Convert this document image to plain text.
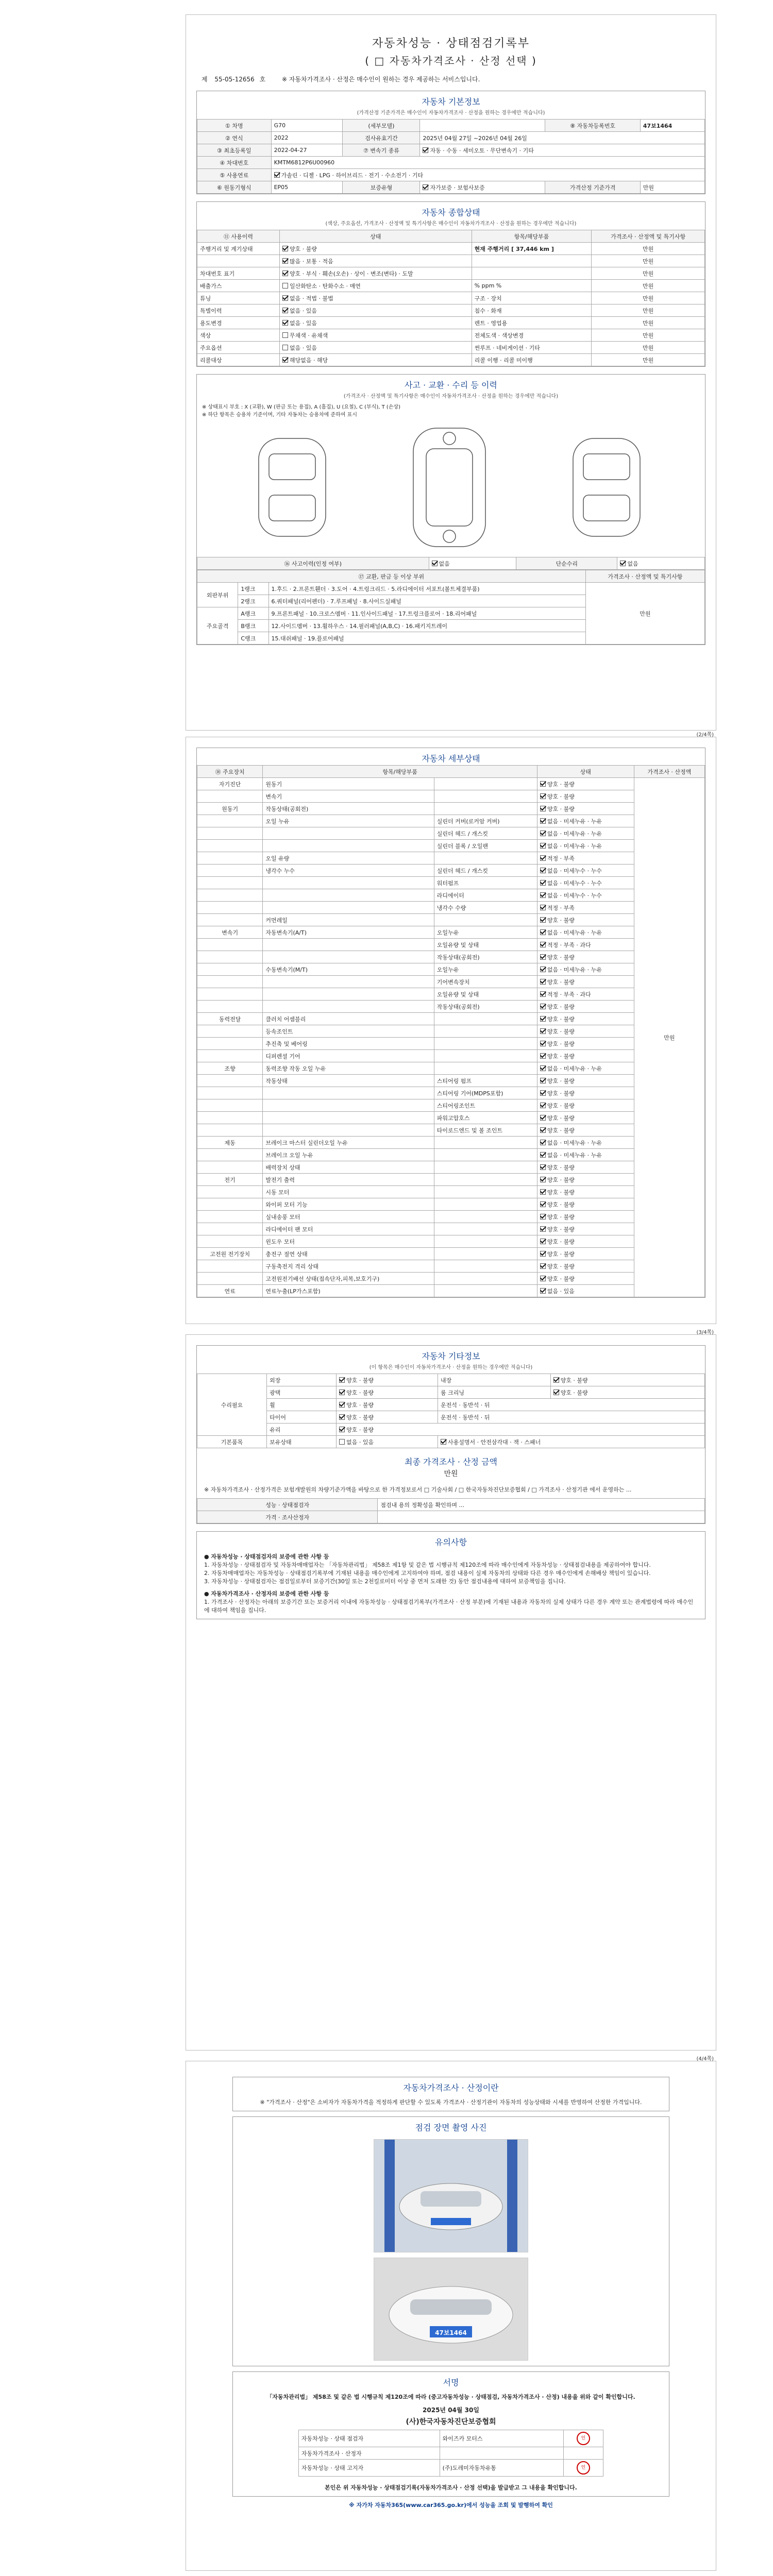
자동차성능 · 상태점검기록부
( □ 자동차가격조사 · 산정 선택 )
제 55-05-12656 호	※ 자동차가격조사 · 산정은 매수인이 원하는 경우 제공하는 서비스입니다.
자동차 기본정보
(가격산정 기준가격은 매수인이 자동차가격조사 · 산정을 원하는 경우에만 적습니다)
① 차명	G70	(세부모델)		⑧ 자동차등록번호	47보1464
② 연식	2022	검사유효기간	2025년 04월 27일 ~2026년 04월 26일		
③ 최초등록일	2022-04-27	⑦ 변속기 종류	자동 · 수동 · 세미오토 · 무단변속기 · 기타		
④ 차대번호	KMTM6812P6U00960				
⑤ 사용연료	가솔린 · 디젤 · LPG · 하이브리드 · 전기 · 수소전기 · 기타				
⑥ 원동기형식	EP05	보증유형	자가보증 · 보험사보증	가격산정 기준가격	만원
자동차 종합상태
(색상, 주요옵션, 가격조사 · 산정액 및 특기사항은 매수인이 자동차가격조사 · 산정을 원하는 경우에만 적습니다)
⑪ 사용이력	상태	항목/해당부품	가격조사 · 산정액 및 특기사항
주행거리 및 계기상태	양호 · 불량	현재 주행거리 [ 37,446 km ]	만원
	많음 · 보통 · 적음		만원
차대번호 표기	양호 · 부식 · 훼손(오손) · 상이 · 변조(변타) · 도말		만원
배출가스	일산화탄소 · 탄화수소 · 매연	% ppm %	만원
튜닝	없음 · 적법 · 불법	구조 · 장치	만원
특별이력	없음 · 있음	침수 · 화재	만원
용도변경	없음 · 있음	렌트 · 영업용	만원
색상	무채색 · 유채색	전체도색 · 색상변경	만원
주요옵션	없음 · 있음	썬루프 · 네비게이션 · 기타	만원
리콜대상	해당없음 · 해당	리콜 이행 · 리콜 미이행	만원
사고 · 교환 · 수리 등 이력
(가격조사 · 산정액 및 특기사항은 매수인이 자동차가격조사 · 산정을 원하는 경우에만 적습니다)
※ 상태표시 부호 : X (교환), W (판금 또는 용접), A (흠집), U (요철), C (부식), T (손상)
※ 하단 항목은 승용차 기준이며, 기타 자동차는 승용차에 준하여 표시
⑯ 사고이력(인정 여부)	없음	단순수리	없음
⑰ 교환, 판금 등 이상 부위			가격조사 · 산정액 및 특기사항
외판부위	1랭크	1.후드 · 2.프론트휀더 · 3.도어 · 4.트렁크리드 · 5.라디에이터 서포트(볼트체결부품)	만원
	2랭크	6.쿼터패널(리어펜더) · 7.루프패널 · 8.사이드실패널	
주요골격	A랭크	9.프론트패널 · 10.크로스멤버 · 11.인사이드패널 · 17.트렁크플로어 · 18.리어패널	
	B랭크	12.사이드멤버 · 13.휠하우스 · 14.필러패널(A,B,C) · 16.패키지트레이	
	C랭크	15.대쉬패널 · 19.플로어패널	
(2/4쪽)
자동차 세부상태
⑱ 주요장치	항목/해당부품		상태	가격조사 · 산정액
자기진단	원동기		양호 · 불량	만원
	변속기		양호 · 불량	
원동기	작동상태(공회전)		양호 · 불량	
	오일 누유	실린더 커버(로커암 커버)	없음 · 미세누유 · 누유	
		실린더 헤드 / 개스킷	없음 · 미세누유 · 누유	
		실린더 블록 / 오일팬	없음 · 미세누유 · 누유	
	오일 유량		적정 · 부족	
	냉각수 누수	실린더 헤드 / 개스킷	없음 · 미세누수 · 누수	
		워터펌프	없음 · 미세누수 · 누수	
		라디에이터	없음 · 미세누수 · 누수	
		냉각수 수량	적정 · 부족	
	커먼레일		양호 · 불량	
변속기	자동변속기(A/T)	오일누유	없음 · 미세누유 · 누유	
		오일유량 및 상태	적정 · 부족 · 과다	
		작동상태(공회전)	양호 · 불량	
	수동변속기(M/T)	오일누유	없음 · 미세누유 · 누유	
		기어변속장치	양호 · 불량	
		오일유량 및 상태	적정 · 부족 · 과다	
		작동상태(공회전)	양호 · 불량	
동력전달	클러치 어셈블리		양호 · 불량	
	등속조인트		양호 · 불량	
	추진축 및 베어링		양호 · 불량	
	디퍼렌셜 기어		양호 · 불량	
조향	동력조향 작동 오일 누유		없음 · 미세누유 · 누유	
	작동상태	스티어링 펌프	양호 · 불량	
		스티어링 기어(MDPS포함)	양호 · 불량	
		스티어링조인트	양호 · 불량	
		파워고압호스	양호 · 불량	
		타이로드엔드 및 볼 조인트	양호 · 불량	
제동	브레이크 마스터 실린더오일 누유		없음 · 미세누유 · 누유	
	브레이크 오일 누유		없음 · 미세누유 · 누유	
	배력장치 상태		양호 · 불량	
전기	발전기 출력		양호 · 불량	
	시동 모터		양호 · 불량	
	와이퍼 모터 기능		양호 · 불량	
	실내송풍 모터		양호 · 불량	
	라디에이터 팬 모터		양호 · 불량	
	윈도우 모터		양호 · 불량	
고전원 전기장치	충전구 절연 상태		양호 · 불량	
	구동축전지 격리 상태		양호 · 불량	
	고전원전기배선 상태(접속단자,피복,보호기구)		양호 · 불량	
연료	연료누출(LP가스포함)		없음 · 있음	
(3/4쪽)
자동차 기타정보
(이 항목은 매수인이 자동차가격조사 · 산정을 원하는 경우에만 적습니다)
수리필요	외장	양호 · 불량	내장	양호 · 불량
	광택	양호 · 불량	룸 크리닝	양호 · 불량
	휠	양호 · 불량	운전석 · 동반석 · 뒤	
	타이어	양호 · 불량	운전석 · 동반석 · 뒤	
	유리	양호 · 불량		
기본품목	보유상태	없음 · 있음	사용설명서 · 안전삼각대 · 잭 · 스패너	
최종 가격조사 · 산정 금액
만원
※ 자동차가격조사 · 산정가격은 보험개발원의 차량기준가액을 바탕으로 한 가격정보로서 □ 기술사회 / □ 한국자동차진단보증협회 / □ 가격조사 · 산정기관 에서 운영하는 ...
성능 · 상태점검자	점검내 용의 정확성을 확인하며 ...
가격 · 조사산정자	
유의사항

● 자동차성능 · 상태점검자의 보증에 관한 사항 등

1. 자동차성능 · 상태점검자 및 자동차매매업자는 「자동차관리법」 제58조 제1항 및 같은 법 시행규칙 제120조에 따라 매수인에게 자동차성능 · 상태점검내용을 제공하여야 합니다.

2. 자동차매매업자는 자동차성능 · 상태점검기록부에 기재된 내용을 매수인에게 고지하여야 하며, 점검 내용이 실제 자동차의 상태와 다른 경우 매수인에게 손해배상 책임이 있습니다.

3. 자동차성능 · 상태점검자는 점검일로부터 보증기간(30일 또는 2천킬로미터 이상 중 먼저 도래한 것) 동안 점검내용에 대하여 보증책임을 집니다.

● 자동차가격조사 · 산정자의 보증에 관한 사항 등

1. 가격조사 · 산정자는 아래의 보증기간 또는 보증거리 이내에 자동차성능 · 상태점검기록부(가격조사 · 산정 부분)에 기재된 내용과 자동차의 실제 상태가 다른 경우 계약 또는 관계법령에 따라 매수인에 대하여 책임을 집니다.

(4/4쪽)
자동차가격조사 · 산정이란
※ "가격조사 · 산정"은 소비자가 자동차가격을 적정하게 판단할 수 있도록 가격조사 · 산정기관이 자동차의 성능상태와 시세를 반영하여 산정한 가격입니다.
점검 장면 촬영 사진
47보1464
서명
「자동차관리법」 제58조 및 같은 법 시행규칙 제120조에 따라 (중고자동차성능 · 상태점검, 자동차가격조사 · 산정) 내용을 위와 같이 확인합니다.
2025년 04월 30일
(사)한국자동차진단보증협회
자동차성능 · 상태 점검자	와이즈카 모터스	인
자동차가격조사 · 산정자		
자동차성능 · 상태 고지자	(주)도레미자동차유통	인
본인은 위 자동차성능 · 상태점검기록(자동차가격조사 · 산정 선택)을 발급받고 그 내용을 확인합니다.
※ 자가차 자동차365(www.car365.go.kr)에서 성능을 조회 및 발행하여 확인
